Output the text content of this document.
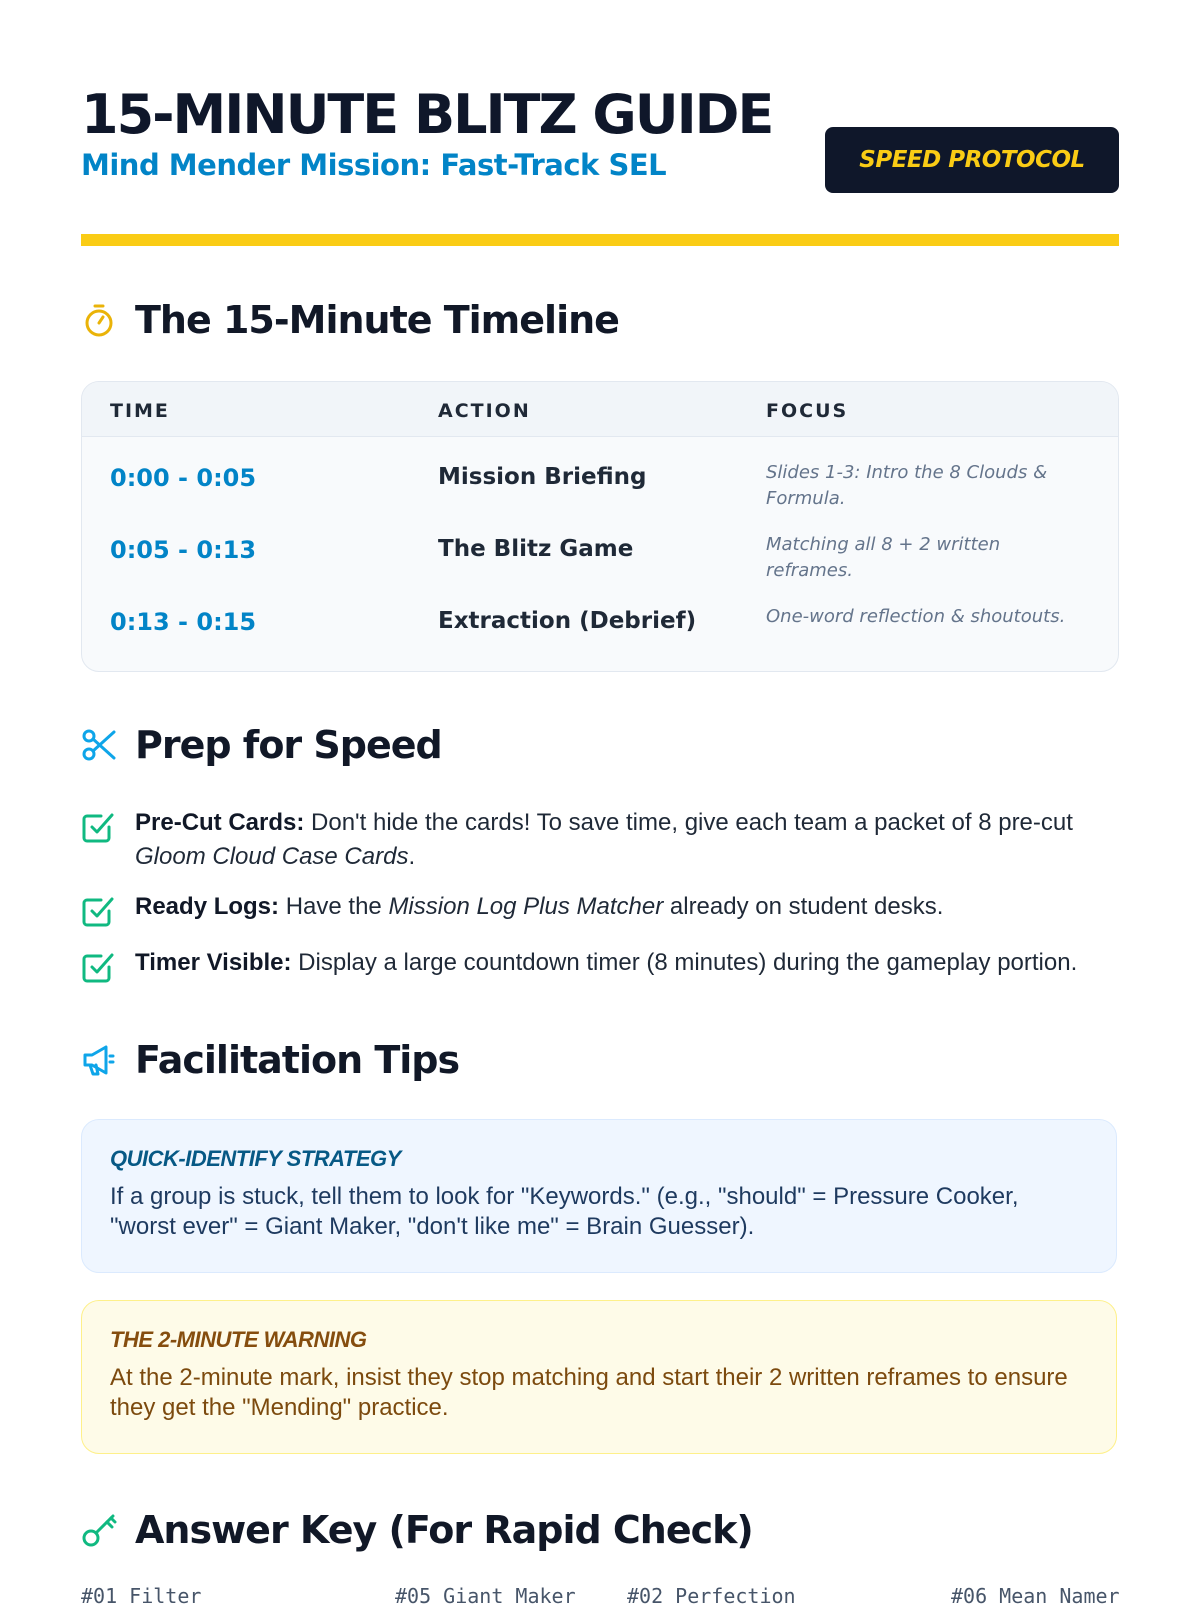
15-MINUTE BLITZ GUIDE
Mind Mender Mission: Fast-Track SEL	SPEED PROTOCOL
The 15-Minute Timeline
TIME	ACTION	FOCUS
0:00 - 0:05	Mission Briefing	Slides 1-3: Intro the 8 Clouds & Formula.
0:05 - 0:13	The Blitz Game	Matching all 8 + 2 written reframes.
0:13 - 0:15	Extraction (Debrief)	One-word reflection & shoutouts.
Prep for Speed
Pre-Cut Cards: Don't hide the cards! To save time, give each team a packet of 8 pre-cut Gloom Cloud Case Cards.
Ready Logs: Have the Mission Log Plus Matcher already on student desks.
Timer Visible: Display a large countdown timer (8 minutes) during the gameplay portion.
Facilitation Tips
QUICK-IDENTIFY STRATEGY
If a group is stuck, tell them to look for "Keywords." (e.g., "should" = Pressure Cooker, "worst ever" = Giant Maker, "don't like me" = Brain Guesser).
THE 2-MINUTE WARNING
At the 2-minute mark, insist they stop matching and start their 2 written reframes to ensure they get the "Mending" practice.
Answer Key (For Rapid Check)
#01 Filter	#05 Giant Maker	#02 Perfection	#06 Mean Namer
